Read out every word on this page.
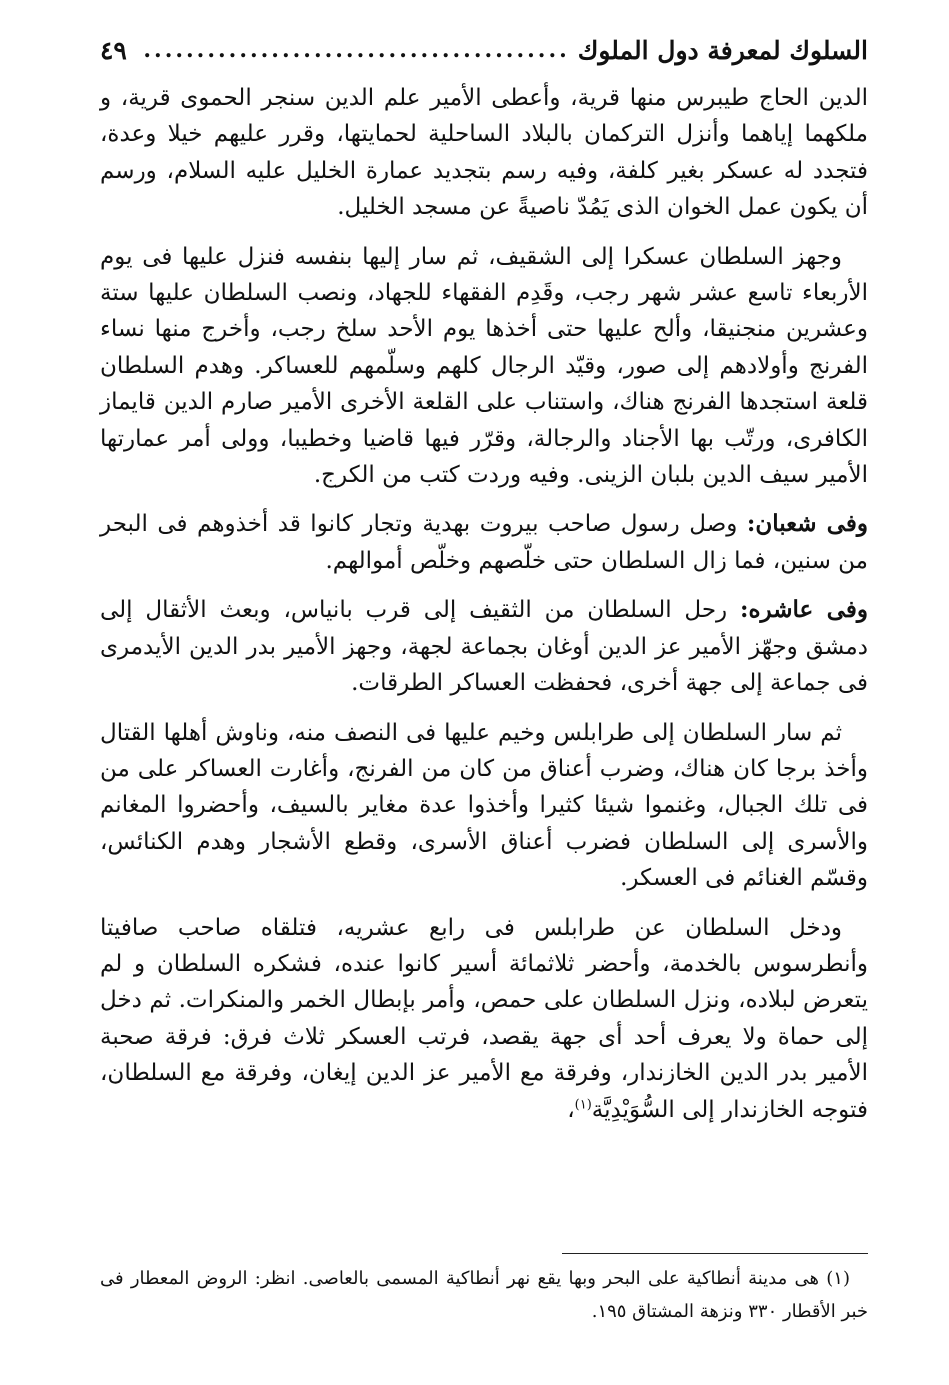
السلوك لمعرفة دول الملوك
........................................
٤٩

الدين الحاج طيبرس منها قرية، وأعطى الأمير علم الدين سنجر الحموى قرية، و ملكهما إياهما وأنزل التركمان بالبلاد الساحلية لحمايتها، وقرر عليهم خيلا وعدة، فتجدد له عسكر بغير كلفة، وفيه رسم بتجديد عمارة الخليل عليه السلام، ورسم أن يكون عمل الخوان الذى يَمُدّ ناصيةً عن مسجد الخليل.

وجهز السلطان عسكرا إلى الشقيف، ثم سار إليها بنفسه فنزل عليها فى يوم الأربعاء تاسع عشر شهر رجب، وقَدِم الفقهاء للجهاد، ونصب السلطان عليها ستة وعشرين منجنيقا، وألح عليها حتى أخذها يوم الأحد سلخ رجب، وأخرج منها نساء الفرنج وأولادهم إلى صور، وقيّد الرجال كلهم وسلّمهم للعساكر. وهدم السلطان قلعة استجدها الفرنج هناك، واستناب على القلعة الأخرى الأمير صارم الدين قايماز الكافرى، ورتّب بها الأجناد والرجالة، وقرّر فيها قاضيا وخطيبا، وولى أمر عمارتها الأمير سيف الدين بلبان الزينى. وفيه وردت كتب من الكرج.

وفى شعبان: وصل رسول صاحب بيروت بهدية وتجار كانوا قد أخذوهم فى البحر من سنين، فما زال السلطان حتى خلّصهم وخلّص أموالهم.

وفى عاشره: رحل السلطان من الثقيف إلى قرب بانياس، وبعث الأثقال إلى دمشق وجهّز الأمير عز الدين أوغان بجماعة لجهة، وجهز الأمير بدر الدين الأيدمرى فى جماعة إلى جهة أخرى، فحفظت العساكر الطرقات.

ثم سار السلطان إلى طرابلس وخيم عليها فى النصف منه، وناوش أهلها القتال وأخذ برجا كان هناك، وضرب أعناق من كان من الفرنج، وأغارت العساكر على من فى تلك الجبال، وغنموا شيئا كثيرا وأخذوا عدة مغاير بالسيف، وأحضروا المغانم والأسرى إلى السلطان فضرب أعناق الأسرى، وقطع الأشجار وهدم الكنائس، وقسّم الغنائم فى العسكر.

ودخل السلطان عن طرابلس فى رابع عشريه، فتلقاه صاحب صافيتا وأنطرسوس بالخدمة، وأحضر ثلاثمائة أسير كانوا عنده، فشكره السلطان و لم يتعرض لبلاده، ونزل السلطان على حمص، وأمر بإبطال الخمر والمنكرات. ثم دخل إلى حماة ولا يعرف أحد أى جهة يقصد، فرتب العسكر ثلاث فرق: فرقة صحبة الأمير بدر الدين الخازندار، وفرقة مع الأمير عز الدين إيغان، وفرقة مع السلطان، فتوجه الخازندار إلى السُّوَيْدِيَّة$^{(١)}$،

(١) هى مدينة أنطاكية على البحر وبها يقع نهر أنطاكية المسمى بالعاصى. انظر: الروض المعطار فى خبر الأقطار ٣٣٠ ونزهة المشتاق ١٩٥.
